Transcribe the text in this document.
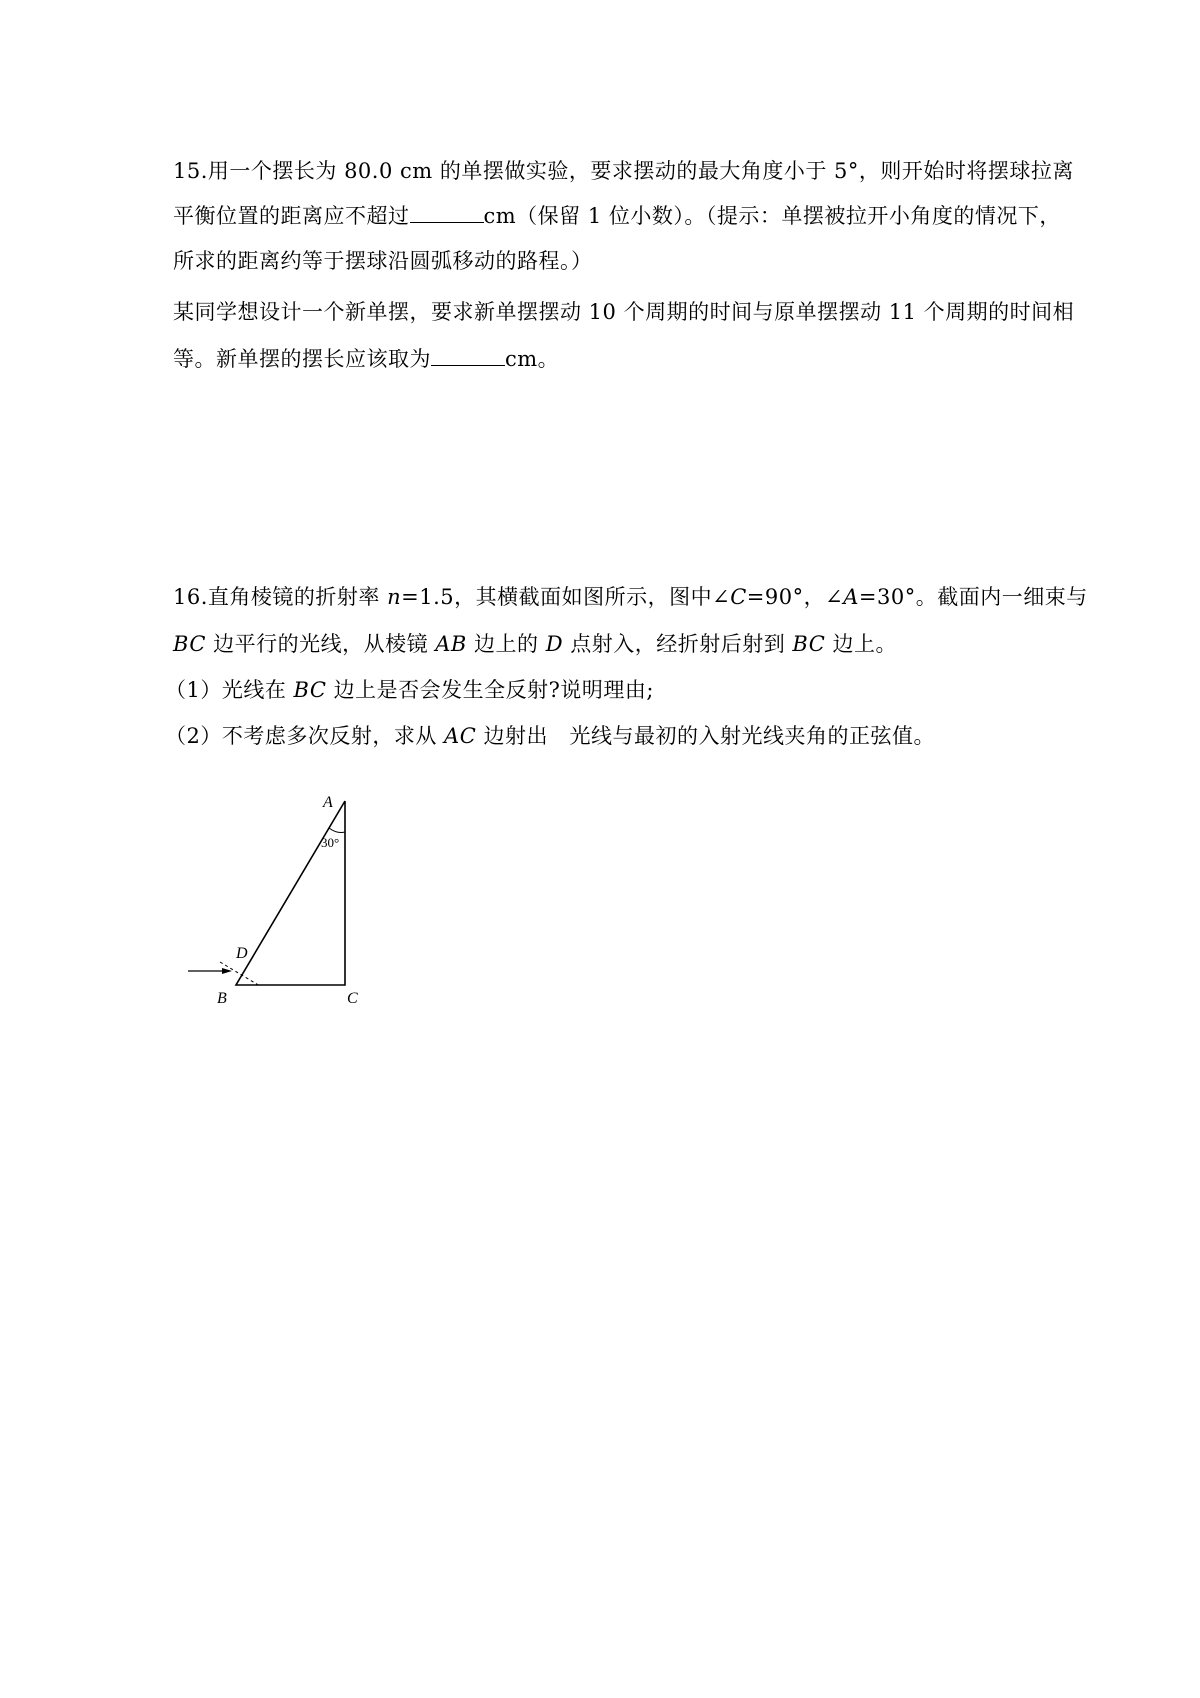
15.用一个摆长为 80.0 cm 的单摆做实验，要求摆动的最大角度小于 5°，则开始时将摆球拉离
平衡位置的距离应不超过	cm（保留 1 位小数）。（提示：单摆被拉开小角度的情况下，
所求的距离约等于摆球沿圆弧移动的路程。）
某同学想设计一个新单摆，要求新单摆摆动 10 个周期的时间与原单摆摆动 11 个周期的时间相
等。新单摆的摆长应该取为	cm。
16.直角棱镜的折射率 n=1.5，其横截面如图所示，图中∠C=90°，∠A=30°。截面内一细束与
BC 边平行的光线，从棱镜 AB 边上的 D 点射入，经折射后射到 BC 边上。
（1）光线在 BC 边上是否会发生全反射?说明理由;
（2）不考虑多次反射，求从 AC 边射出　光线与最初的入射光线夹角的正弦值。
A
30°
D
B	C
